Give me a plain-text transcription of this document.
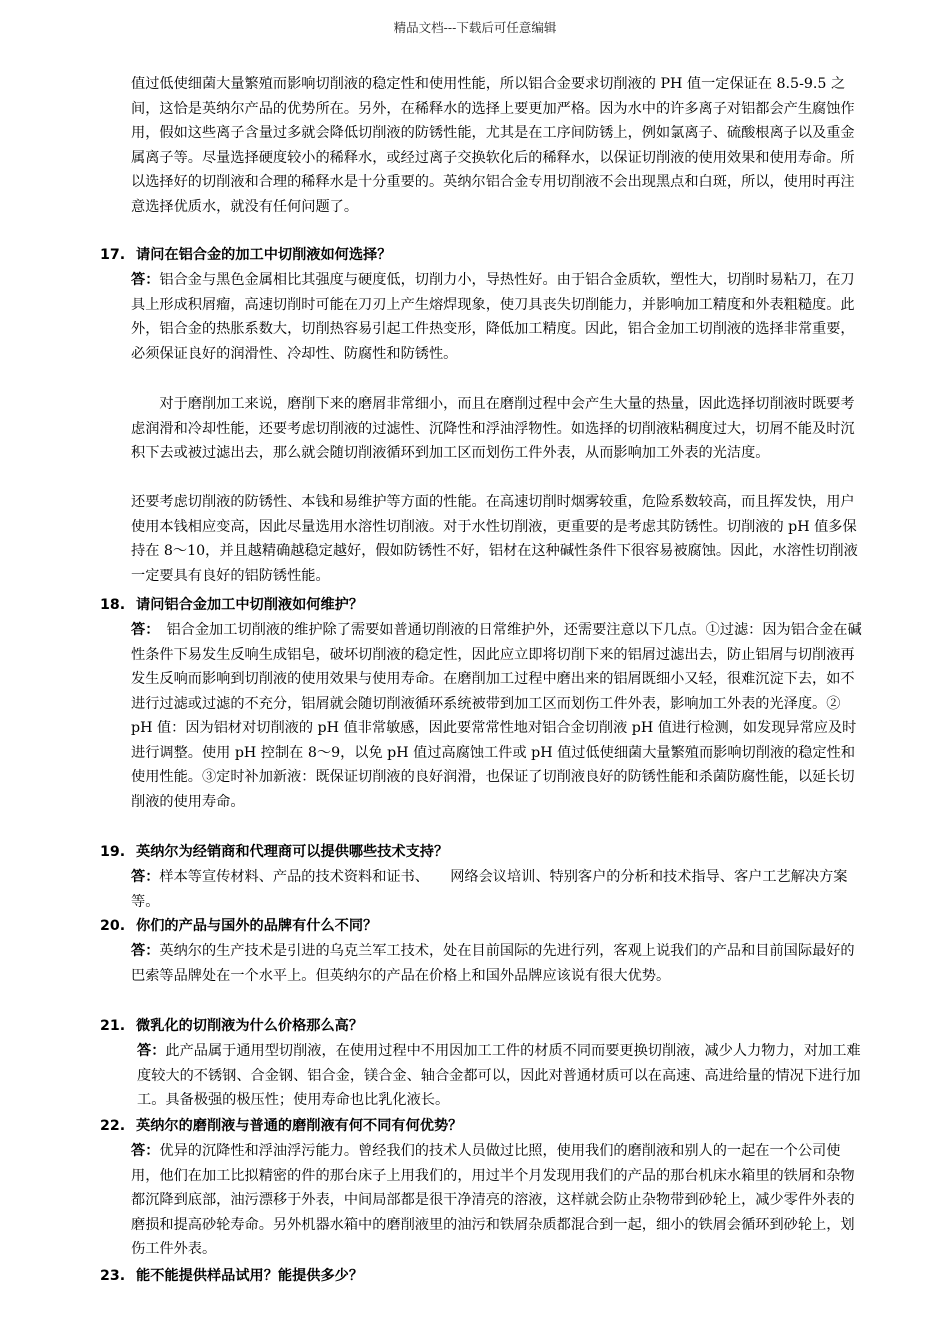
精品文档---下载后可任意编辑

值过低使细菌大量繁殖而影响切削液的稳定性和使用性能，所以铝合金要求切削液的 PH 值一定保证在 8.5-9.5 之间，这恰是英纳尔产品的优势所在。另外，在稀释水的选择上要更加严格。因为水中的许多离子对铝都会产生腐蚀作用，假如这些离子含量过多就会降低切削液的防锈性能，尤其是在工序间防锈上，例如氯离子、硫酸根离子以及重金属离子等。尽量选择硬度较小的稀释水，或经过离子交换软化后的稀释水，以保证切削液的使用效果和使用寿命。所以选择好的切削液和合理的稀释水是十分重要的。英纳尔铝合金专用切削液不会出现黑点和白斑，所以，使用时再注意选择优质水，就没有任何问题了。

17. 请问在铝合金的加工中切削液如何选择？

答：铝合金与黑色金属相比其强度与硬度低，切削力小，导热性好。由于铝合金质软，塑性大，切削时易粘刀，在刀具上形成积屑瘤，高速切削时可能在刀刃上产生熔焊现象，使刀具丧失切削能力，并影响加工精度和外表粗糙度。此外，铝合金的热胀系数大，切削热容易引起工件热变形，降低加工精度。因此，铝合金加工切削液的选择非常重要，必须保证良好的润滑性、冷却性、防腐性和防锈性。

对于磨削加工来说，磨削下来的磨屑非常细小，而且在磨削过程中会产生大量的热量，因此选择切削液时既要考虑润滑和冷却性能，还要考虑切削液的过滤性、沉降性和浮油浮物性。如选择的切削液粘稠度过大，切屑不能及时沉积下去或被过滤出去，那么就会随切削液循环到加工区而划伤工件外表，从而影响加工外表的光洁度。

还要考虑切削液的防锈性、本钱和易维护等方面的性能。在高速切削时烟雾较重，危险系数较高，而且挥发快，用户使用本钱相应变高，因此尽量选用水溶性切削液。对于水性切削液，更重要的是考虑其防锈性。切削液的 pH 值多保持在 8～10，并且越精确越稳定越好，假如防锈性不好，铝材在这种碱性条件下很容易被腐蚀。因此，水溶性切削液一定要具有良好的铝防锈性能。

18. 请问铝合金加工中切削液如何维护？

答：　铝合金加工切削液的维护除了需要如普通切削液的日常维护外，还需要注意以下几点。①过滤：因为铝合金在碱性条件下易发生反响生成铝皂，破坏切削液的稳定性，因此应立即将切削下来的铝屑过滤出去，防止铝屑与切削液再发生反响而影响到切削液的使用效果与使用寿命。在磨削加工过程中磨出来的铝屑既细小又轻，很难沉淀下去，如不进行过滤或过滤的不充分，铝屑就会随切削液循环系统被带到加工区而划伤工件外表，影响加工外表的光泽度。② pH 值：因为铝材对切削液的 pH 值非常敏感，因此要常常性地对铝合金切削液 pH 值进行检测，如发现异常应及时进行调整。使用 pH 控制在 8～9，以免 pH 值过高腐蚀工件或 pH 值过低使细菌大量繁殖而影响切削液的稳定性和使用性能。③定时补加新液：既保证切削液的良好润滑，也保证了切削液良好的防锈性能和杀菌防腐性能，以延长切削液的使用寿命。

19. 英纳尔为经销商和代理商可以提供哪些技术支持？

答：样本等宣传材料、产品的技术资料和证书、　　网络会议培训、特别客户的分析和技术指导、客户工艺解决方案等。

20. 你们的产品与国外的品牌有什么不同？

答：英纳尔的生产技术是引进的乌克兰军工技术，处在目前国际的先进行列，客观上说我们的产品和目前国际最好的巴索等品牌处在一个水平上。但英纳尔的产品在价格上和国外品牌应该说有很大优势。

21. 微乳化的切削液为什么价格那么高？

答：此产品属于通用型切削液，在使用过程中不用因加工工件的材质不同而要更换切削液，减少人力物力，对加工难度较大的不锈钢、合金钢、铝合金，镁合金、轴合金都可以，因此对普通材质可以在高速、高进给量的情况下进行加工。具备极强的极压性；使用寿命也比乳化液长。

22. 英纳尔的磨削液与普通的磨削液有何不同有何优势？

答：优异的沉降性和浮油浮污能力。曾经我们的技术人员做过比照，使用我们的磨削液和别人的一起在一个公司使用，他们在加工比拟精密的件的那台床子上用我们的，用过半个月发现用我们的产品的那台机床水箱里的铁屑和杂物都沉降到底部，油污漂移于外表，中间局部都是很干净清亮的溶液，这样就会防止杂物带到砂轮上，减少零件外表的磨损和提高砂轮寿命。另外机器水箱中的磨削液里的油污和铁屑杂质都混合到一起，细小的铁屑会循环到砂轮上，划伤工件外表。

23. 能不能提供样品试用？能提供多少？
